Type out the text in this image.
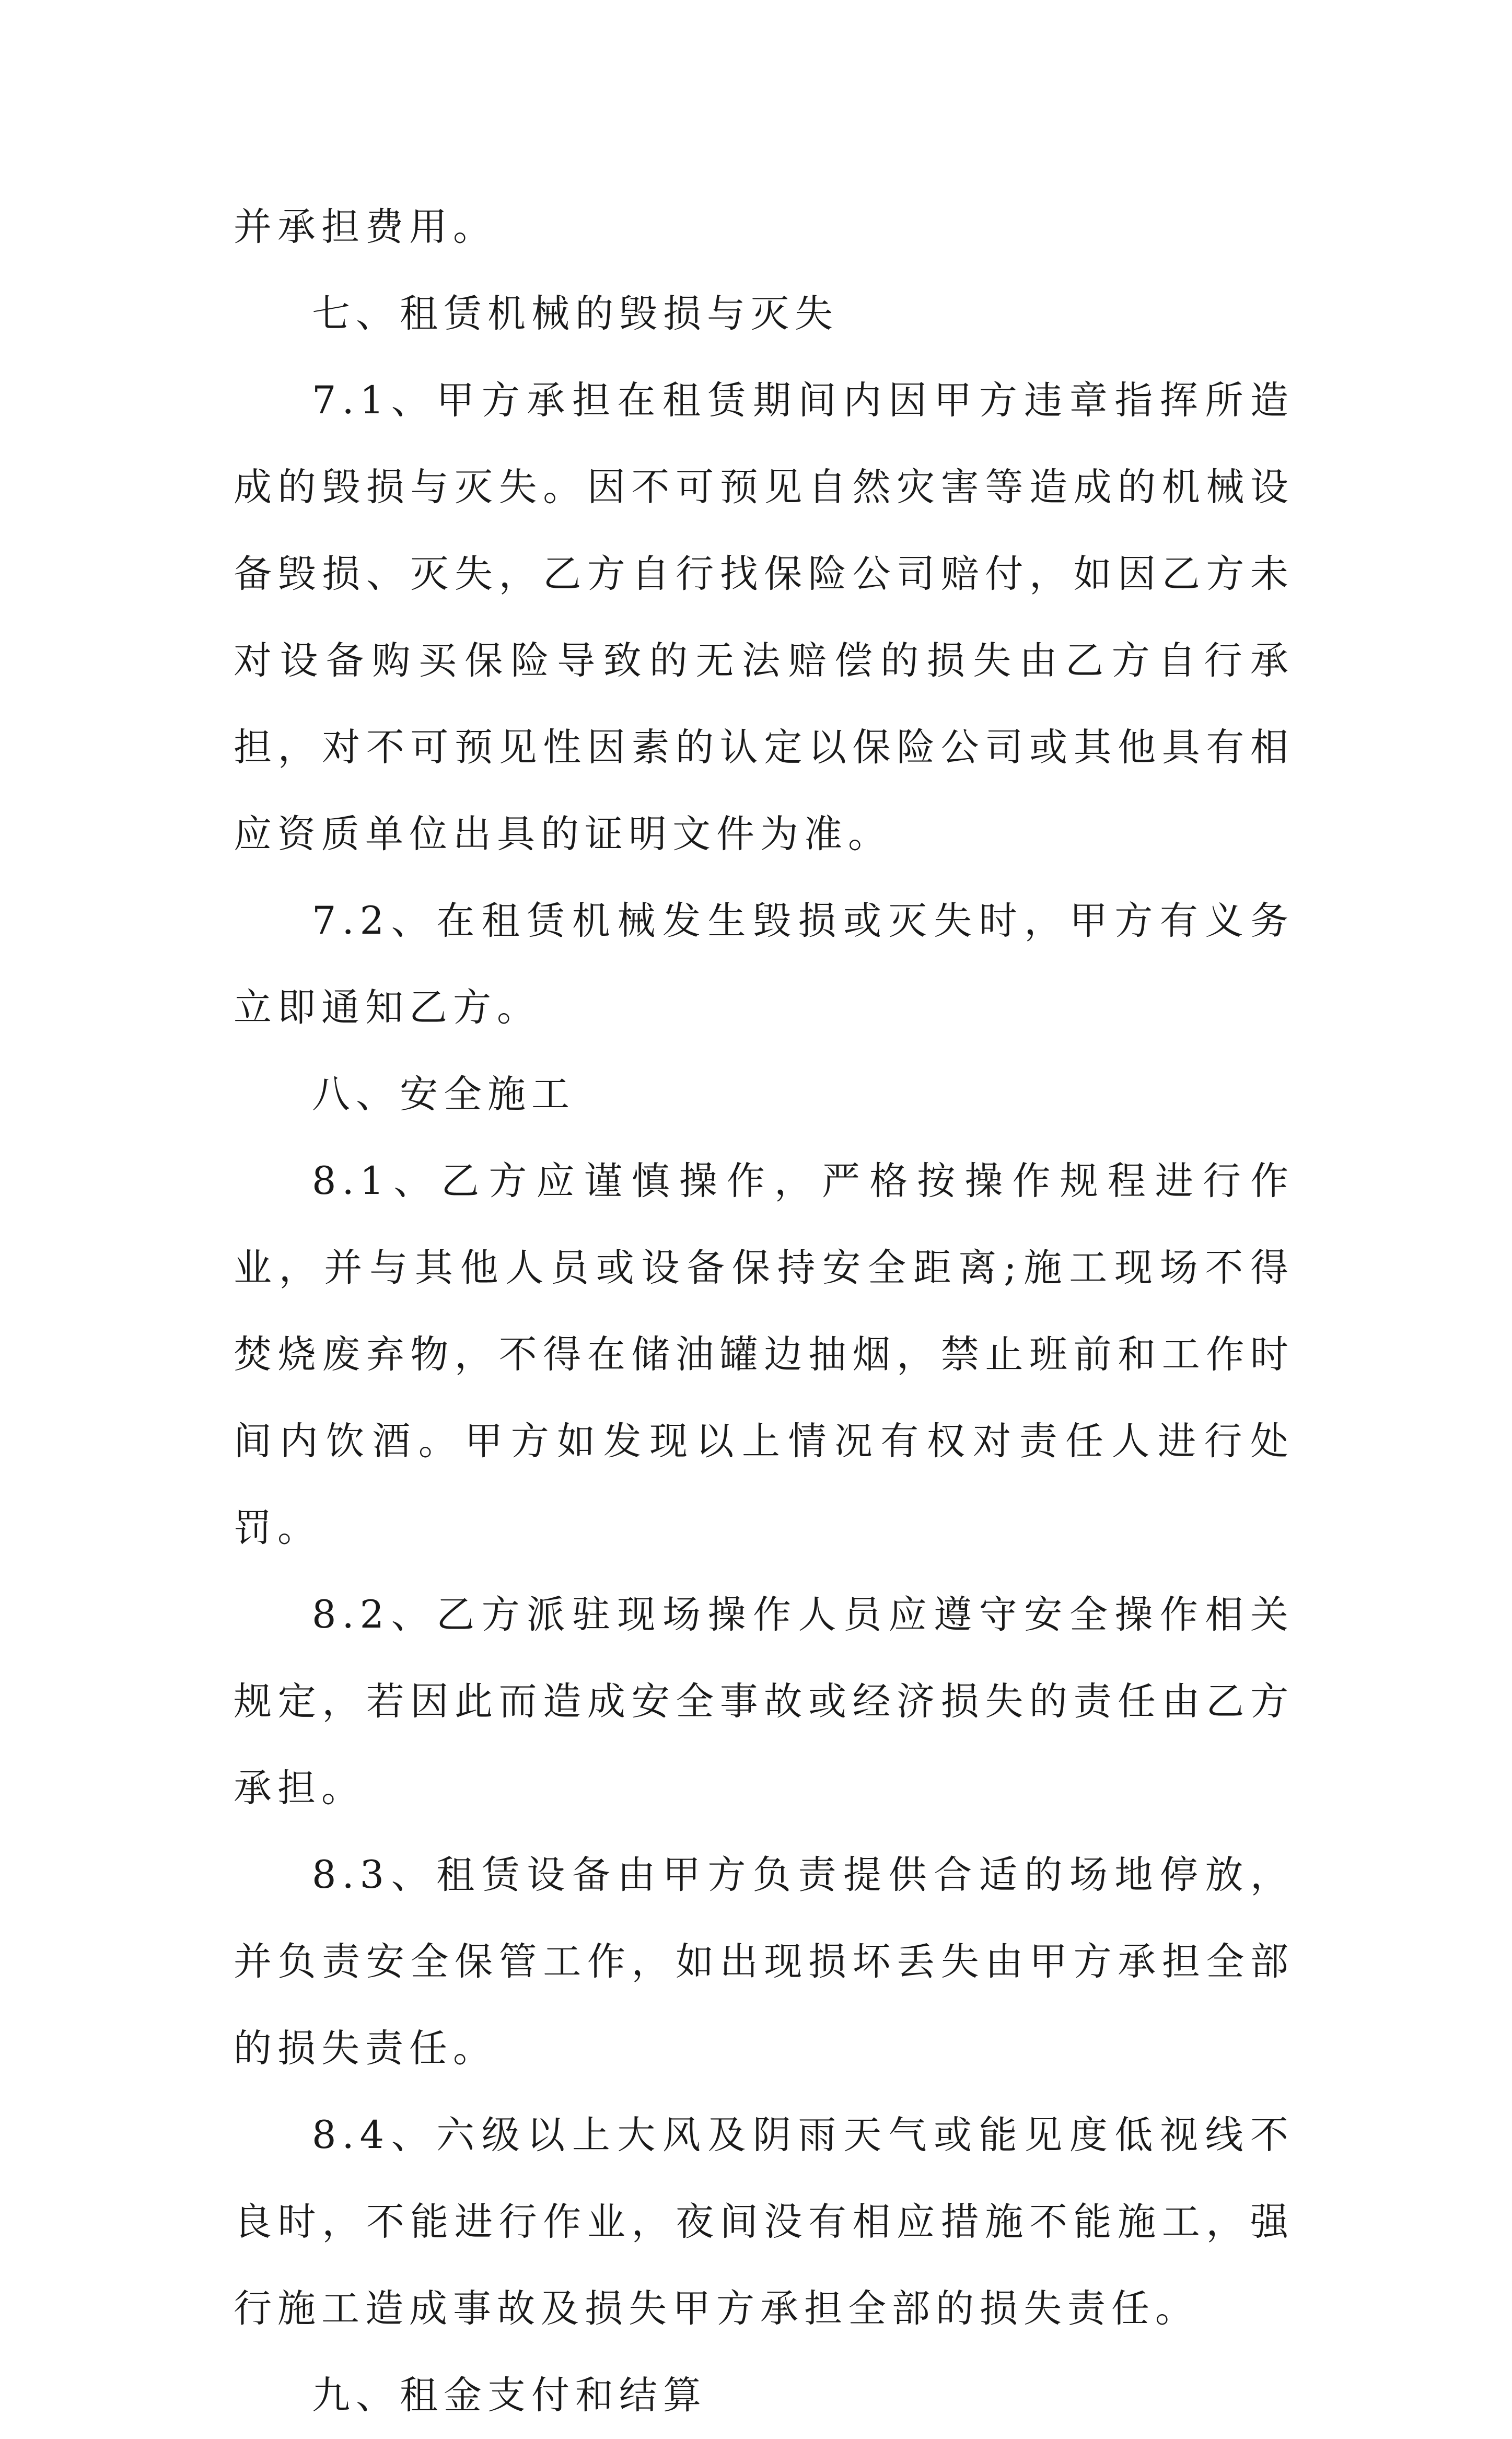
并承担费用。

七、租赁机械的毁损与灭失

7.1、甲方承担在租赁期间内因甲方违章指挥所造成的毁损与灭失。因不可预见自然灾害等造成的机械设备毁损、灭失，乙方自行找保险公司赔付，如因乙方未对设备购买保险导致的无法赔偿的损失由乙方自行承担，对不可预见性因素的认定以保险公司或其他具有相应资质单位出具的证明文件为准。

7.2、在租赁机械发生毁损或灭失时，甲方有义务立即通知乙方。

八、安全施工

8.1、乙方应谨慎操作，严格按操作规程进行作业，并与其他人员或设备保持安全距离;施工现场不得焚烧废弃物，不得在储油罐边抽烟，禁止班前和工作时间内饮酒。甲方如发现以上情况有权对责任人进行处罚。

8.2、乙方派驻现场操作人员应遵守安全操作相关规定，若因此而造成安全事故或经济损失的责任由乙方承担。

8.3、租赁设备由甲方负责提供合适的场地停放，并负责安全保管工作，如出现损坏丢失由甲方承担全部的损失责任。

8.4、六级以上大风及阴雨天气或能见度低视线不良时，不能进行作业，夜间没有相应措施不能施工，强行施工造成事故及损失甲方承担全部的损失责任。

九、租金支付和结算
